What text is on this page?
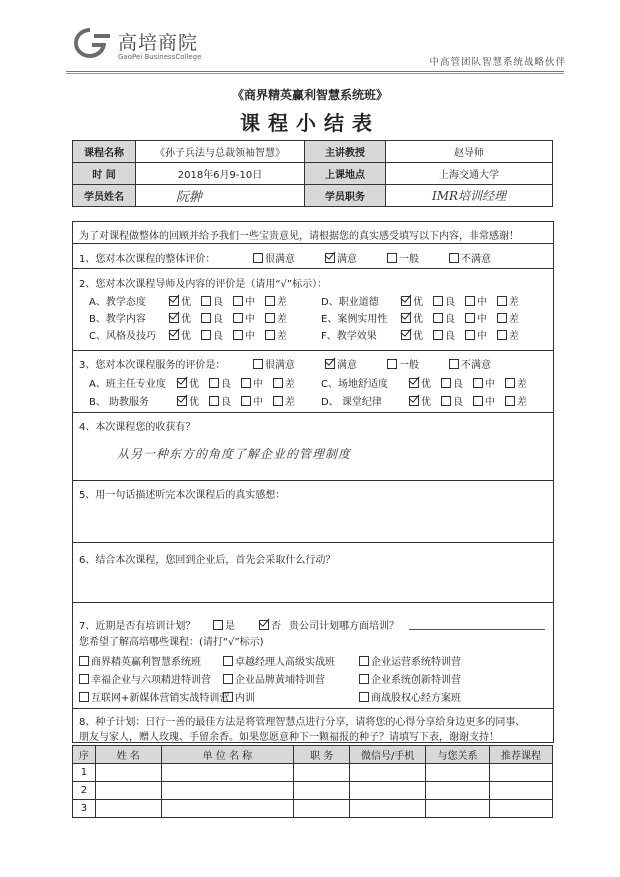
高培商院
GaoPei BusinessCollege	中高管团队智慧系统战略伙伴
《商界精英赢利智慧系统班》
课程小结表
课程名称	《孙子兵法与总裁领袖智慧》	主讲教授	赵导师
时 间	2018年6月9-10日	上课地点	上海交通大学
学员姓名	阮翀	学员职务	IMR培训经理
为了对课程做整体的回顾并给予我们一些宝贵意见，请根据您的真实感受填写以下内容，非常感谢！
1、您对本次课程的整体评价：	很满意	满意	一般	不满意
2、您对本次课程导师及内容的评价是（请用“√”标示）：
A、教学态度	优 良 中 差	D、职业道德	优 良 中 差
B、教学内容	优 良 中 差	E、案例实用性	优 良 中 差
C、风格及技巧	优 良 中 差	F、教学效果	优 良 中 差
3、您对本次课程服务的评价是：	很满意	满意	一般	不满意
A、班主任专业度 优 良 中 差	C、场地舒适度	优 良 中 差
B、 助教服务	优 良 中 差	D、 课堂纪律	优 良 中 差
4、本次课程您的收获有？
从另一种东方的角度了解企业的管理制度
5、用一句话描述听完本次课程后的真实感想：
6、结合本次课程，您回到企业后，首先会采取什么行动？
7、近期是否有培训计划？	是	否 贵公司计划哪方面培训？
您希望了解高培哪些课程：(请打“√”标示)
商界精英赢利智慧系统班	卓越经理人高级实战班	企业运营系统特训营
幸福企业与六项精进特训营	企业品牌黄埔特训营	企业系统创新特训营
互联网+新媒体营销实战特训营 内训	商战股权心经方案班
8、种子计划：日行一善的最佳方法是将管理智慧点进行分享，请将您的心得分享给身边更多的同事、
朋友与家人，赠人玫瑰、手留余香。如果您愿意种下一颗福报的种子？请填写下表，谢谢支持！
序	姓 名	单 位 名 称	职 务	微信号/手机	与您关系	推荐课程
1						
2						
3						
